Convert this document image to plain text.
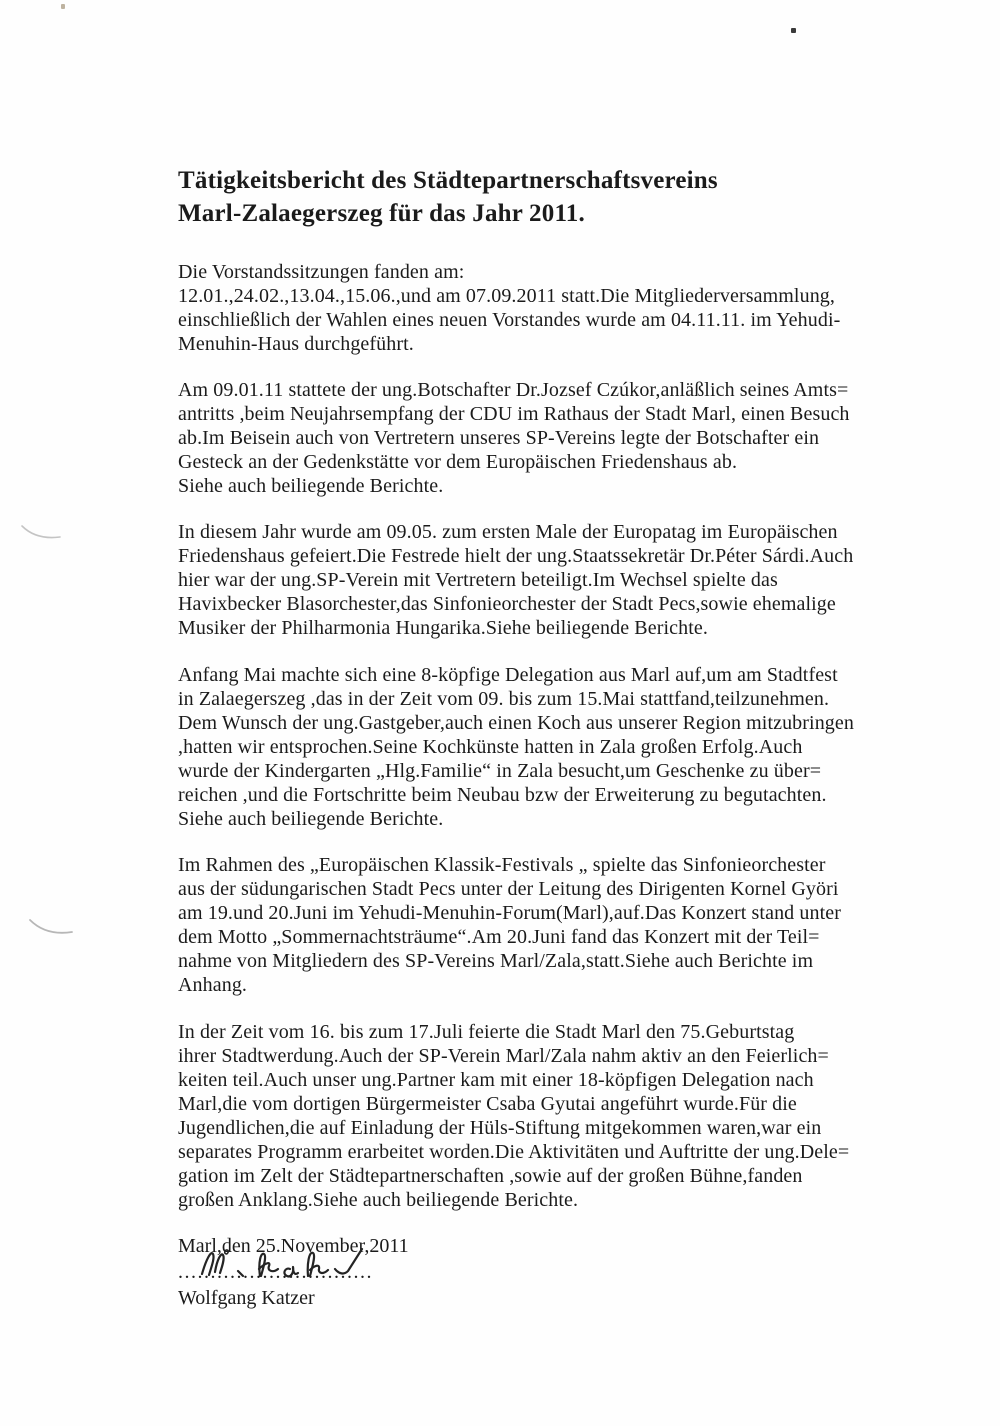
Tätigkeitsbericht des Städtepartnerschaftsvereins
Marl-Zalaegerszeg für das Jahr 2011.

Die Vorstandssitzungen fanden am:
12.01.,24.02.,13.04.,15.06.,und am 07.09.2011 statt.Die Mitgliederversammlung,
einschließlich der Wahlen eines neuen Vorstandes wurde am 04.11.11. im Yehudi-
Menuhin-Haus durchgeführt.

Am 09.01.11 stattete der ung.Botschafter Dr.Jozsef Czúkor,anläßlich seines Amts=
antritts ,beim Neujahrsempfang der CDU im Rathaus der Stadt Marl, einen Besuch
ab.Im Beisein auch von Vertretern unseres SP-Vereins legte der Botschafter ein
Gesteck an der Gedenkstätte vor dem Europäischen Friedenshaus ab.
Siehe auch beiliegende Berichte.

In diesem Jahr wurde am 09.05. zum ersten Male der Europatag im Europäischen
Friedenshaus gefeiert.Die Festrede hielt der ung.Staatssekretär Dr.Péter Sárdi.Auch
hier war der ung.SP-Verein mit Vertretern beteiligt.Im Wechsel spielte das
Havixbecker Blasorchester,das Sinfonieorchester der Stadt Pecs,sowie ehemalige
Musiker der Philharmonia Hungarika.Siehe beiliegende Berichte.

Anfang Mai machte sich eine 8-köpfige Delegation aus Marl auf,um am Stadtfest
in Zalaegerszeg ,das in der Zeit vom 09. bis zum 15.Mai stattfand,teilzunehmen.
Dem Wunsch der ung.Gastgeber,auch einen Koch aus unserer Region mitzubringen
,hatten wir entsprochen.Seine Kochkünste hatten in Zala großen Erfolg.Auch
wurde der Kindergarten „Hlg.Familie“ in Zala besucht,um Geschenke zu über=
reichen ,und die Fortschritte beim Neubau bzw der Erweiterung zu begutachten.
Siehe auch beiliegende Berichte.

Im Rahmen des „Europäischen Klassik-Festivals „ spielte das Sinfonieorchester
aus der südungarischen Stadt Pecs unter der Leitung des Dirigenten Kornel Györi
am 19.und 20.Juni im Yehudi-Menuhin-Forum(Marl),auf.Das Konzert stand unter
dem Motto „Sommernachtsträume“.Am 20.Juni fand das Konzert mit der Teil=
nahme von Mitgliedern des SP-Vereins Marl/Zala,statt.Siehe auch Berichte im
Anhang.

In der Zeit vom 16. bis zum 17.Juli feierte die Stadt Marl den 75.Geburtstag
ihrer Stadtwerdung.Auch der SP-Verein Marl/Zala nahm aktiv an den Feierlich=
keiten teil.Auch unser ung.Partner kam mit einer 18-köpfigen Delegation nach
Marl,die vom dortigen Bürgermeister Csaba Gyutai angeführt wurde.Für die
Jugendlichen,die auf Einladung der Hüls-Stiftung mitgekommen waren,war ein
separates Programm erarbeitet worden.Die Aktivitäten und Auftritte der ung.Dele=
gation im Zelt der Städtepartnerschaften ,sowie auf der großen Bühne,fanden
großen Anklang.Siehe auch beiliegende Berichte.

Marl,den 25.November,2011

..............................

Wolfgang Katzer
